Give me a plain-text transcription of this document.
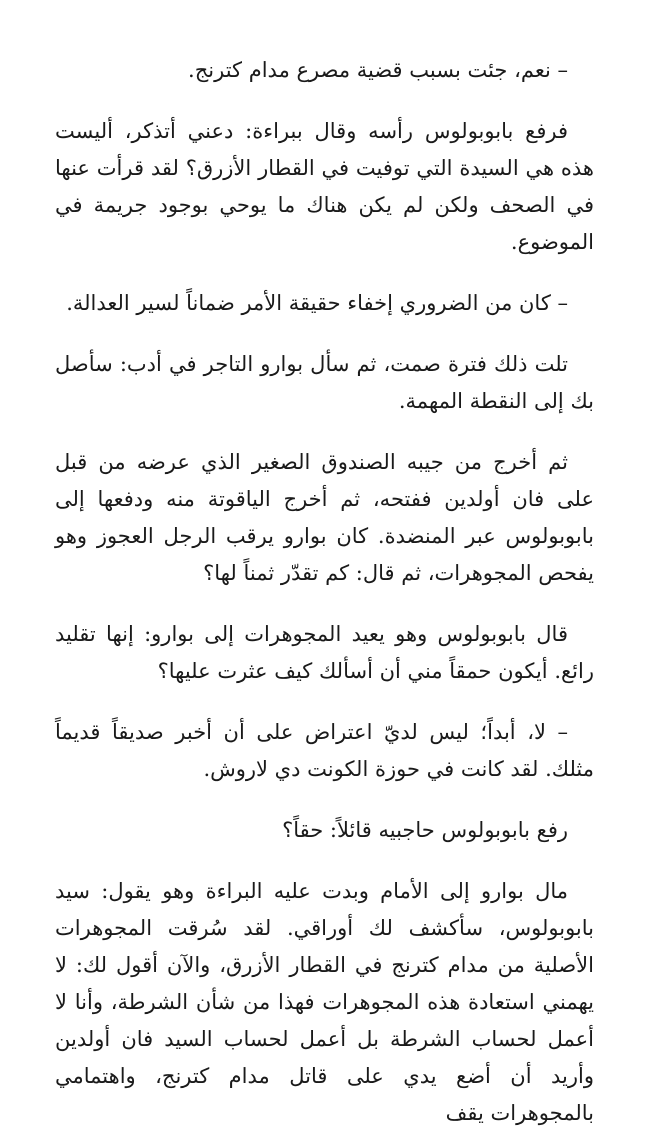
– نعم، جئت بسبب قضية مصرع مدام كترنج.

فرفع بابوبولوس رأسه وقال ببراءة: دعني أتذكر، أليست هذه هي السيدة التي توفيت في القطار الأزرق؟ لقد قرأت عنها في الصحف ولكن لم يكن هناك ما يوحي بوجود جريمة في الموضوع.

– كان من الضروري إخفاء حقيقة الأمر ضماناً لسير العدالة.

تلت ذلك فترة صمت، ثم سأل بوارو التاجر في أدب: سأصل بك إلى النقطة المهمة.

ثم أخرج من جيبه الصندوق الصغير الذي عرضه من قبل على فان أولدين ففتحه، ثم أخرج الياقوتة منه ودفعها إلى بابوبولوس عبر المنضدة. كان بوارو يرقب الرجل العجوز وهو يفحص المجوهرات، ثم قال: كم تقدّر ثمناً لها؟

قال بابوبولوس وهو يعيد المجوهرات إلى بوارو: إنها تقليد رائع. أيكون حمقاً مني أن أسألك كيف عثرت عليها؟

– لا، أبداً؛ ليس لديّ اعتراض على أن أخبر صديقاً قديماً مثلك. لقد كانت في حوزة الكونت دي لاروش.

رفع بابوبولوس حاجبيه قائلاً: حقاً؟

مال بوارو إلى الأمام وبدت عليه البراءة وهو يقول: سيد بابوبولوس، سأكشف لك أوراقي. لقد سُرقت المجوهرات الأصلية من مدام كترنج في القطار الأزرق، والآن أقول لك: لا يهمني استعادة هذه المجوهرات فهذا من شأن الشرطة، وأنا لا أعمل لحساب الشرطة بل أعمل لحساب السيد فان أولدين وأريد أن أضع يدي على قاتل مدام كترنج، واهتمامي بالمجوهرات يقف
